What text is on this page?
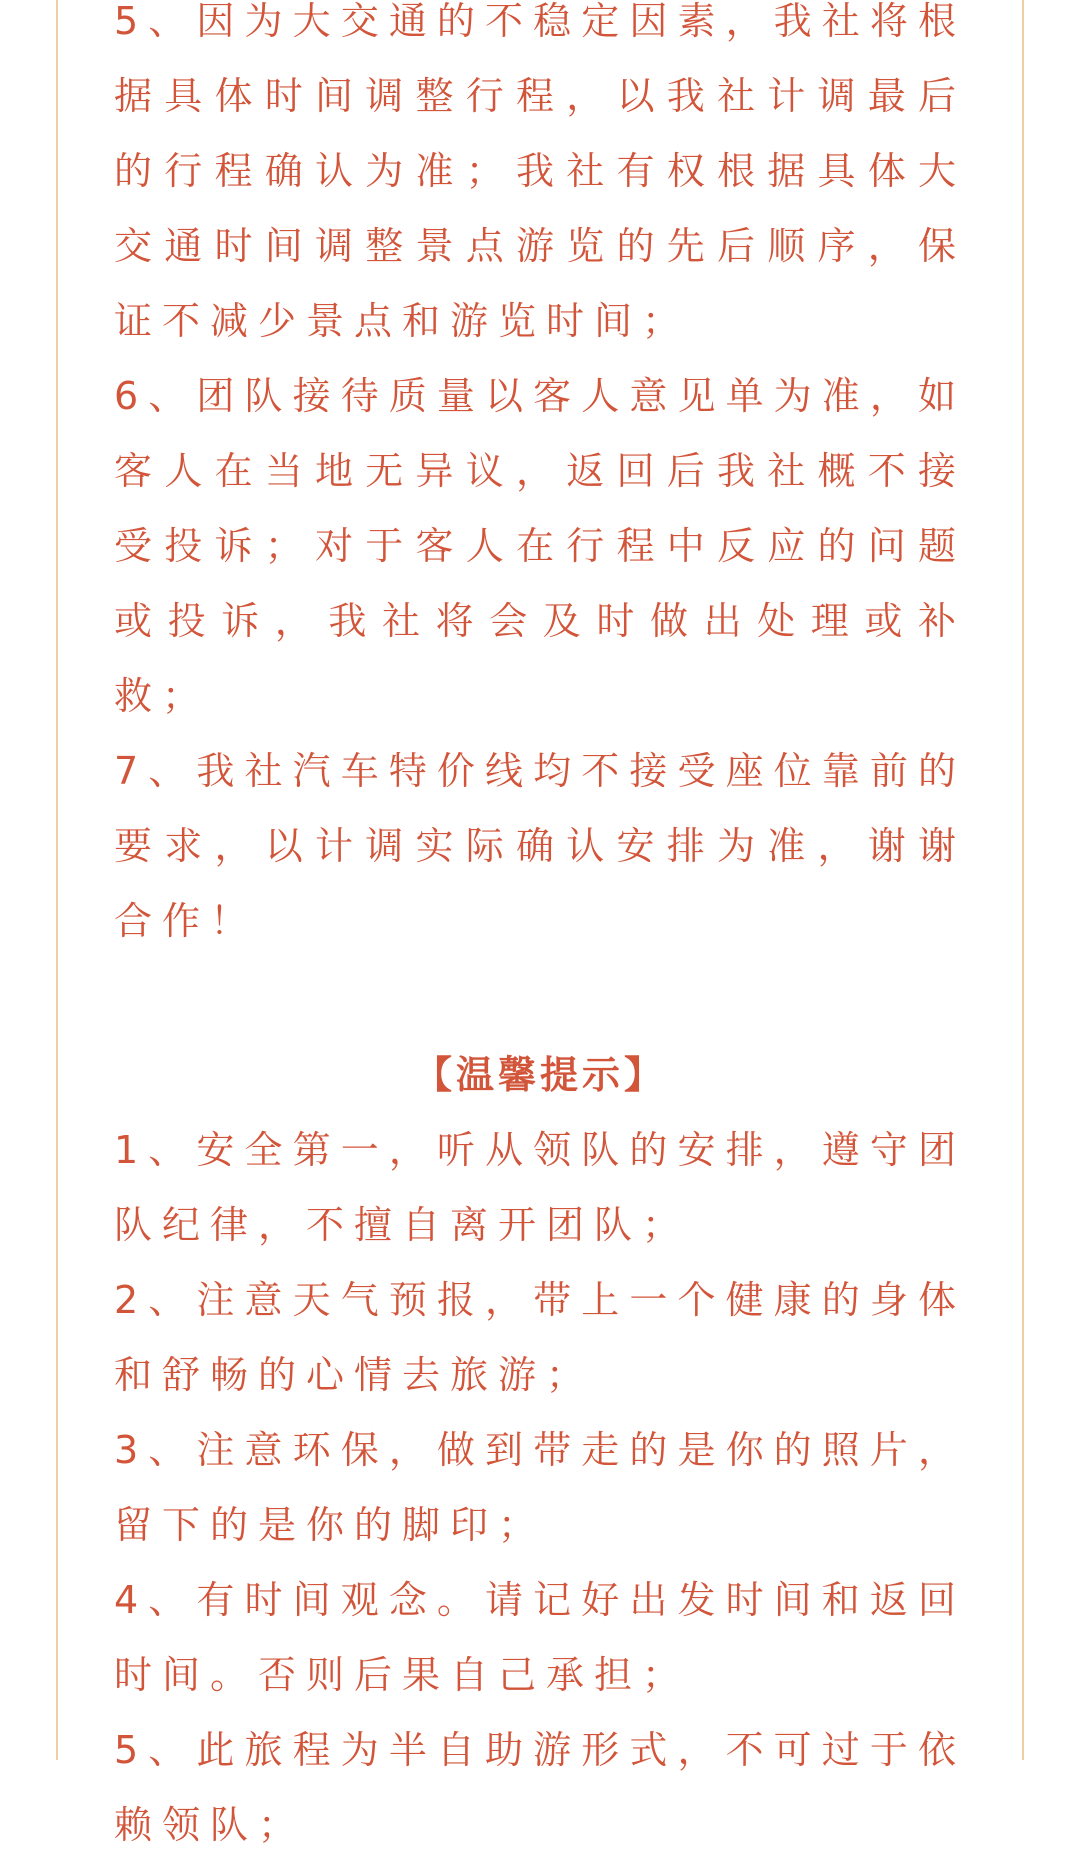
5、因为大交通的不稳定因素，我社将根据具体时间调整行程，以我社计调最后的行程确认为准；我社有权根据具体大交通时间调整景点游览的先后顺序，保证不减少景点和游览时间；

6、团队接待质量以客人意见单为准，如客人在当地无异议，返回后我社概不接受投诉；对于客人在行程中反应的问题或投诉，我社将会及时做出处理或补救；

7、我社汽车特价线均不接受座位靠前的要求，以计调实际确认安排为准，谢谢合作！

【温馨提示】

1、安全第一，听从领队的安排，遵守团队纪律，不擅自离开团队；

2、注意天气预报，带上一个健康的身体和舒畅的心情去旅游；

3、注意环保，做到带走的是你的照片，留下的是你的脚印；

4、有时间观念。请记好出发时间和返回时间。否则后果自己承担；

5、此旅程为半自助游形式，不可过于依赖领队；
